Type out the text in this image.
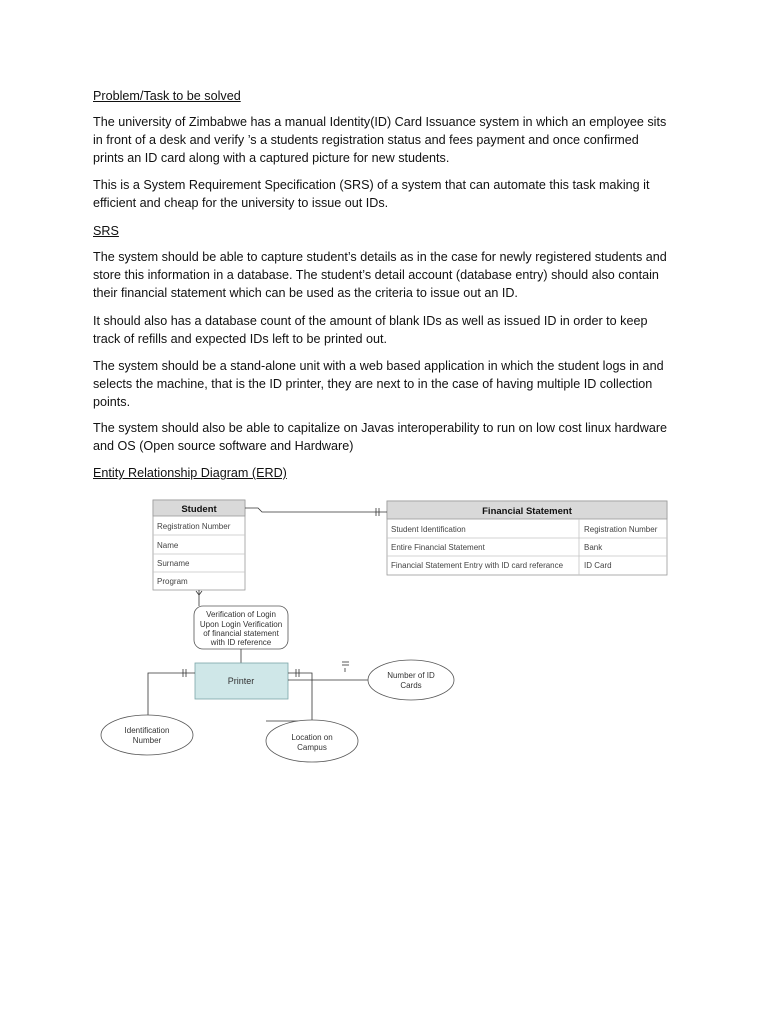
Problem/Task to be solved

The university of Zimbabwe has a manual Identity(ID) Card Issuance system in which an employee sits in front of a desk and verify ’s a students registration status and fees payment and once confirmed prints an ID card along with a captured picture for new students.

This is a System Requirement Specification (SRS) of a system that can automate this task making it efficient and cheap for the university to issue out IDs.

SRS

The system should be able to capture student’s details as in the case for newly registered students and store this information in a database. The student’s detail account (database entry) should also contain their financial statement which can be used as the criteria to issue out an ID.

It should also has a database count of the amount of blank IDs as well as issued ID in order to keep track of refills and expected IDs left to be printed out.

The system should be a stand-alone unit with a web based application in which the student logs in and selects the machine, that is the ID printer, they are next to in the case of having multiple ID collection points.

The system should also be able to capitalize on Javas interoperability to run on low cost linux hardware and OS (Open source software and Hardware)

Entity Relationship Diagram (ERD)
Student
Registration Number
Name
Surname
Program
Financial Statement
Student Identification	Registration Number
Entire Financial Statement	Bank
Financial Statement Entry with ID card referance	ID Card
Verification of Login
Upon Login Verification
of financial statement
with ID reference
Printer
Number of ID
Cards
Identification
Number	Location on
Campus
